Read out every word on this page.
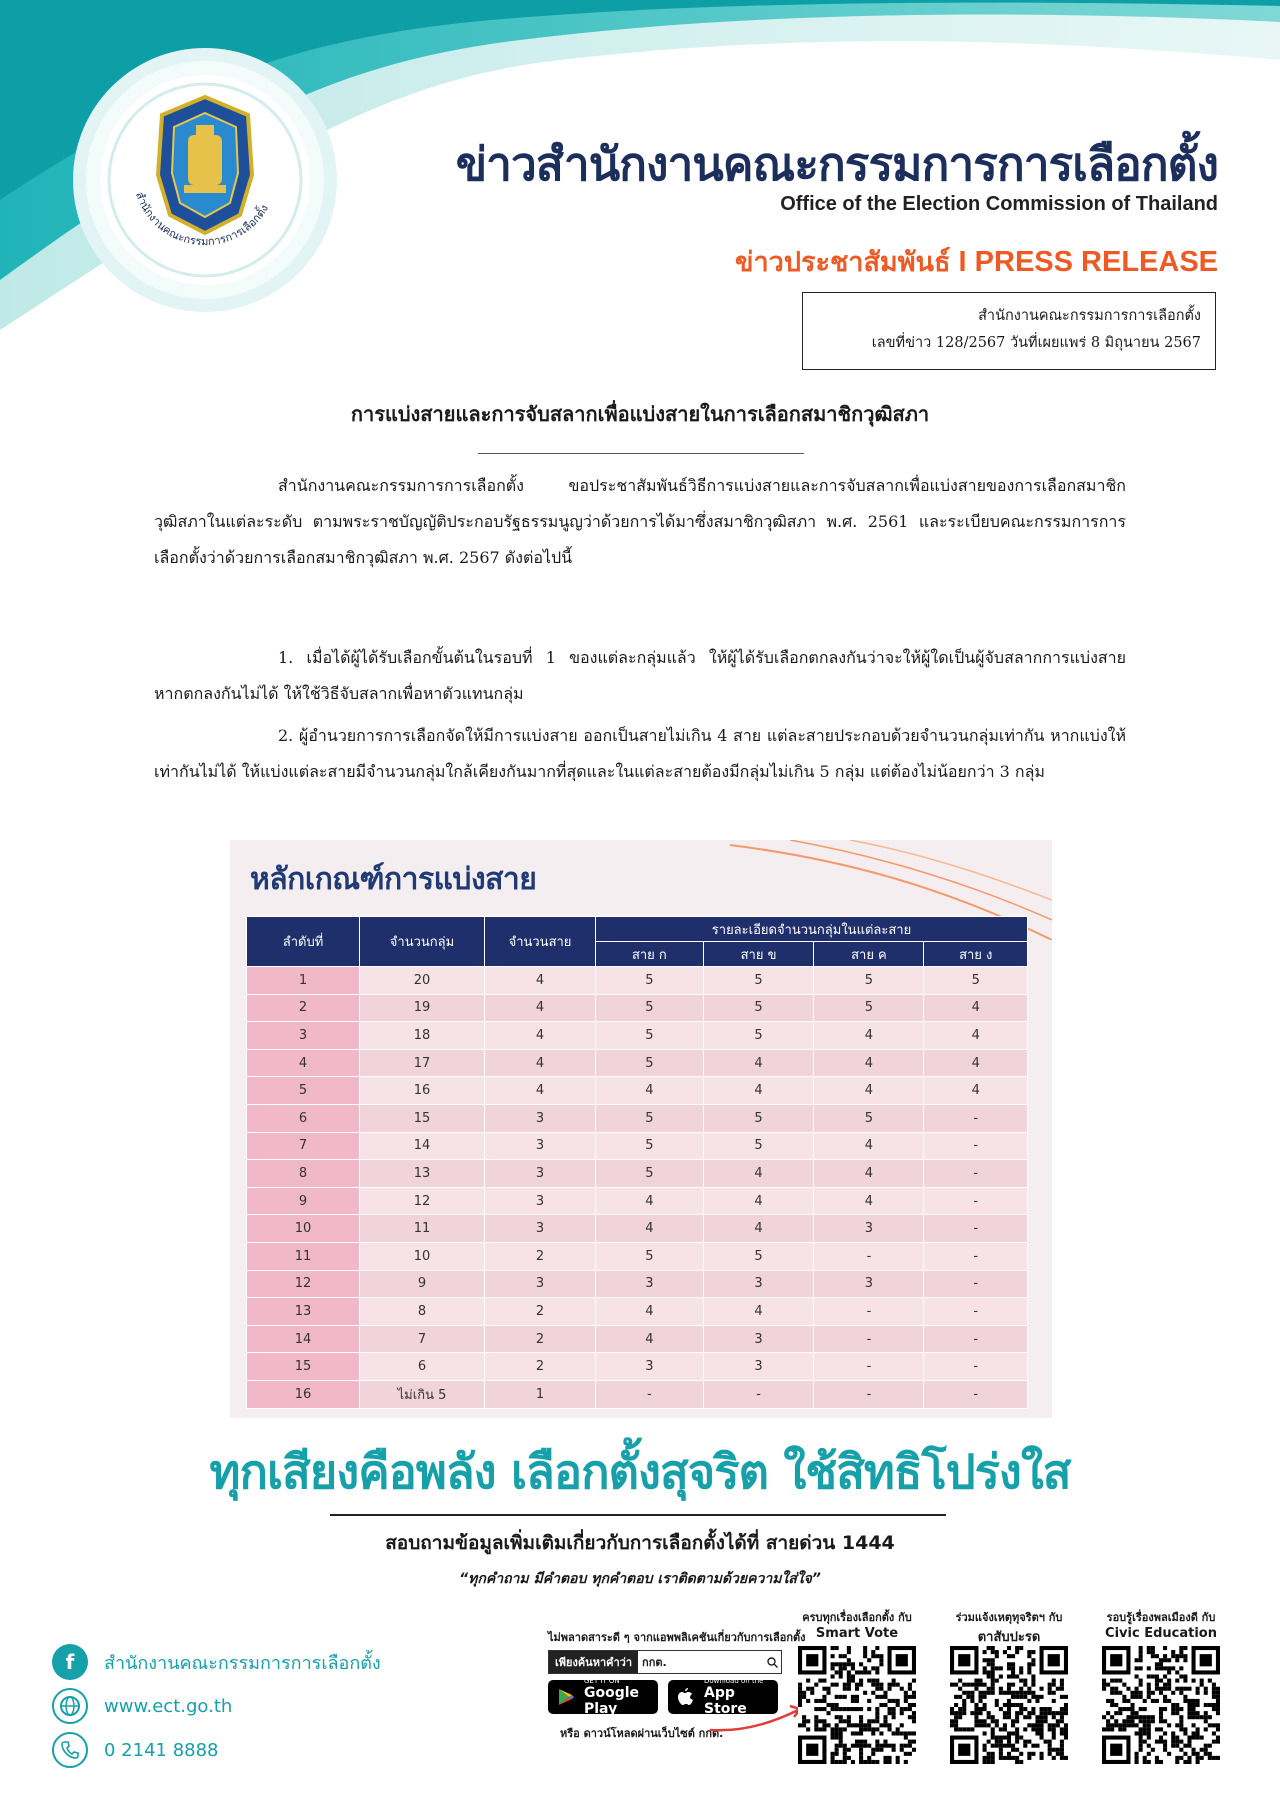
สำนักงานคณะกรรมการการเลือกตั้ง
ข่าวสำนักงานคณะกรรมการการเลือกตั้ง
Office of the Election Commission of Thailand
ข่าวประชาสัมพันธ์ I PRESS RELEASE
สำนักงานคณะกรรมการการเลือกตั้ง
เลขที่ข่าว 128/2567 วันที่เผยแพร่ 8 มิถุนายน 2567
การแบ่งสายและการจับสลากเพื่อแบ่งสายในการเลือกสมาชิกวุฒิสภา
สำนักงานคณะกรรมการการเลือกตั้ง ขอประชาสัมพันธ์วิธีการแบ่งสายและการจับสลากเพื่อแบ่งสายของการเลือกสมาชิกวุฒิสภาในแต่ละระดับ ตามพระราชบัญญัติประกอบรัฐธรรมนูญว่าด้วยการได้มาซึ่งสมาชิกวุฒิสภา พ.ศ. 2561 และระเบียบคณะกรรมการการเลือกตั้งว่าด้วยการเลือกสมาชิกวุฒิสภา พ.ศ. 2567 ดังต่อไปนี้
1. เมื่อได้ผู้ได้รับเลือกขั้นต้นในรอบที่ 1 ของแต่ละกลุ่มแล้ว ให้ผู้ได้รับเลือกตกลงกันว่าจะให้ผู้ใดเป็นผู้จับสลากการแบ่งสาย หากตกลงกันไม่ได้ ให้ใช้วิธีจับสลากเพื่อหาตัวแทนกลุ่ม
2. ผู้อำนวยการการเลือกจัดให้มีการแบ่งสาย ออกเป็นสายไม่เกิน 4 สาย แต่ละสายประกอบด้วยจำนวนกลุ่มเท่ากัน หากแบ่งให้เท่ากันไม่ได้ ให้แบ่งแต่ละสายมีจำนวนกลุ่มใกล้เคียงกันมากที่สุดและในแต่ละสายต้องมีกลุ่มไม่เกิน 5 กลุ่ม แต่ต้องไม่น้อยกว่า 3 กลุ่ม
หลักเกณฑ์การแบ่งสาย
ลำดับที่	จำนวนกลุ่ม	จำนวนสาย	รายละเอียดจำนวนกลุ่มในแต่ละสาย			
			สาย ก	สาย ข	สาย ค	สาย ง
1	20	4	5	5	5	5
2	19	4	5	5	5	4
3	18	4	5	5	4	4
4	17	4	5	4	4	4
5	16	4	4	4	4	4
6	15	3	5	5	5	-
7	14	3	5	5	4	-
8	13	3	5	4	4	-
9	12	3	4	4	4	-
10	11	3	4	4	3	-
11	10	2	5	5	-	-
12	9	3	3	3	3	-
13	8	2	4	4	-	-
14	7	2	4	3	-	-
15	6	2	3	3	-	-
16	ไม่เกิน 5	1	-	-	-	-
ทุกเสียงคือพลัง เลือกตั้งสุจริต ใช้สิทธิโปร่งใส
สอบถามข้อมูลเพิ่มเติมเกี่ยวกับการเลือกตั้งได้ที่ สายด่วน 1444
“ทุกคำถาม มีคำตอบ ทุกคำตอบ เราติดตามด้วยความใส่ใจ”
f	สำนักงานคณะกรรมการการเลือกตั้ง
www.ect.go.th
0 2141 8888
ไม่พลาดสาระดี ๆ จากแอพพลิเคชันเกี่ยวกับการเลือกตั้ง
เพียงค้นหาคำว่า กกต.
GET IT ON
Google Play
Download on the
App Store
หรือ ดาวน์โหลดผ่านเว็บไซต์ กกต.
ครบทุกเรื่องเลือกตั้ง กับ
Smart Vote
ร่วมแจ้งเหตุทุจริตฯ กับ
ตาสับปะรด
รอบรู้เรื่องพลเมืองดี กับ
Civic Education
